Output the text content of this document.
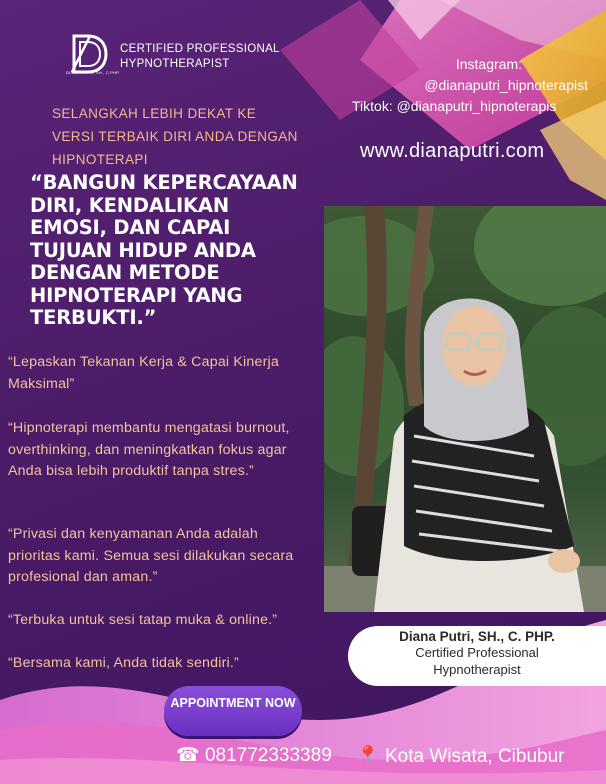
DIANA PUTRI, SH., C.PHP.
CERTIFIED PROFESSIONAL HYPNOTHERAPIST
SELANGKAH LEBIH DEKAT KE VERSI TERBAIK DIRI ANDA DENGAN HIPNOTERAPI
“BANGUN KEPERCAYAAN DIRI, KENDALIKAN EMOSI, DAN CAPAI TUJUAN HIDUP ANDA DENGAN METODE HIPNOTERAPI YANG TERBUKTI.”
Instagram:
@dianaputri_hipnoterapist
Tiktok: @dianaputri_hipnoterapis
www.dianaputri.com
“Lepaskan Tekanan Kerja & Capai Kinerja Maksimal”
“Hipnoterapi membantu mengatasi burnout, overthinking, dan meningkatkan fokus agar Anda bisa lebih produktif tanpa stres.”
“Privasi dan kenyamanan Anda adalah prioritas kami. Semua sesi dilakukan secara profesional dan aman.”
“Terbuka untuk sesi tatap muka & online.”
“Bersama kami, Anda tidak sendiri.”
Diana Putri, SH., C. PHP.
Certified Professional Hypnotherapist
APPOINTMENT NOW
☎ 081772333389 📍 Kota Wisata, Cibubur
